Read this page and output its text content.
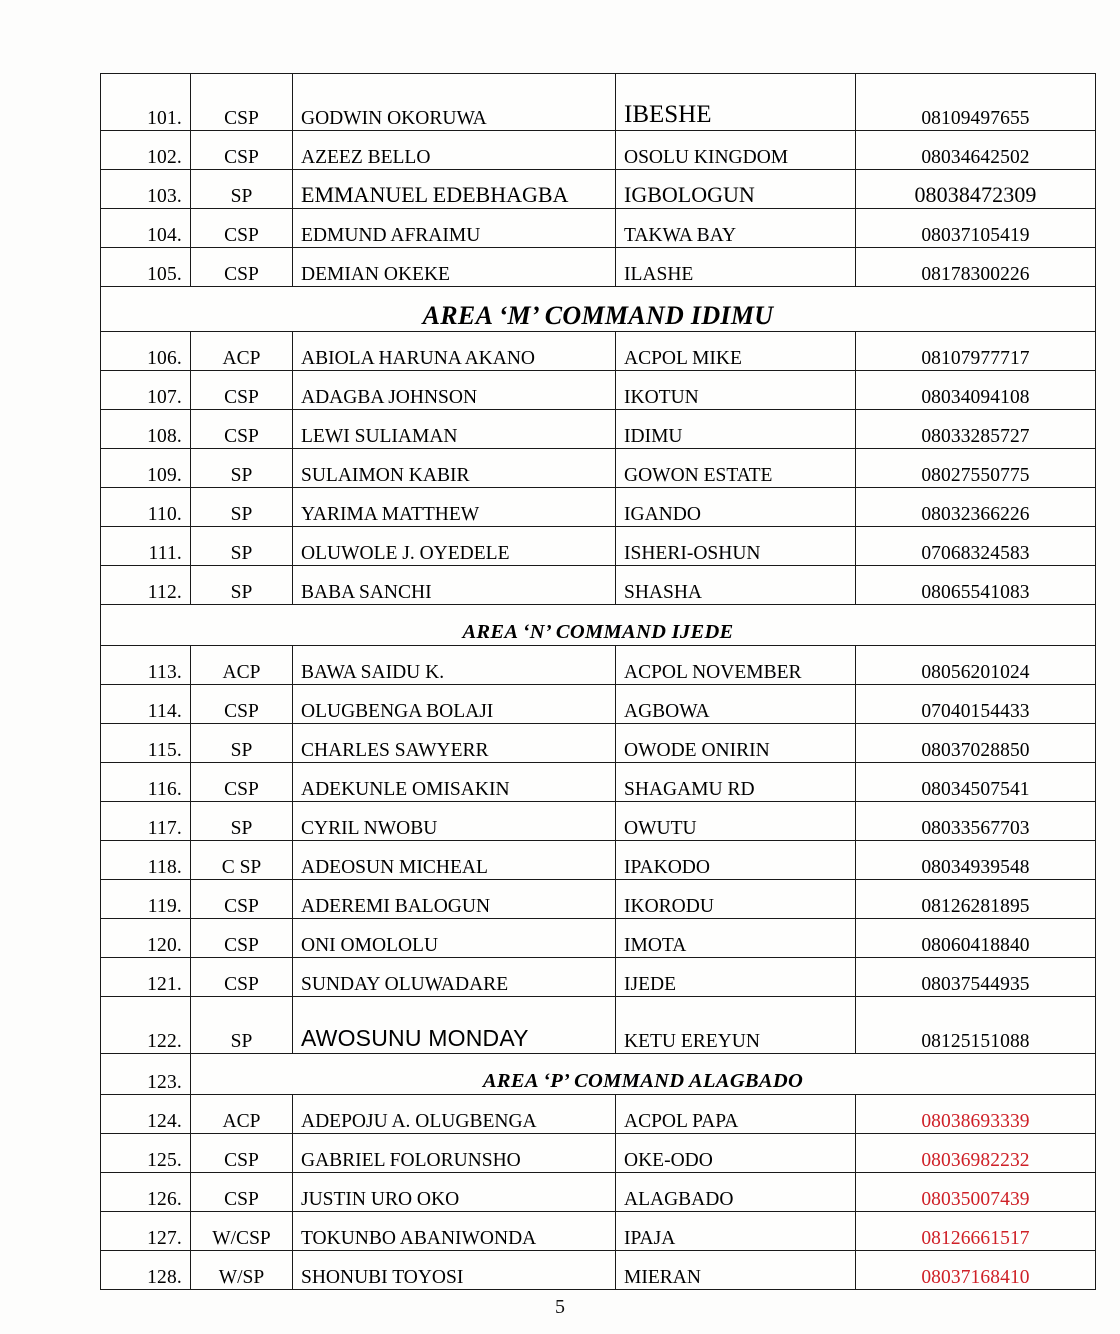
101.	CSP	GODWIN OKORUWA	IBESHE	08109497655
102.	CSP	AZEEZ BELLO	OSOLU KINGDOM	08034642502
103.	SP	EMMANUEL EDEBHAGBA	IGBOLOGUN	08038472309
104.	CSP	EDMUND AFRAIMU	TAKWA BAY	08037105419
105.	CSP	DEMIAN OKEKE	ILASHE	08178300226
AREA ‘M’ COMMAND IDIMU				
106.	ACP	ABIOLA HARUNA AKANO	ACPOL MIKE	08107977717
107.	CSP	ADAGBA JOHNSON	IKOTUN	08034094108
108.	CSP	LEWI SULIAMAN	IDIMU	08033285727
109.	SP	SULAIMON KABIR	GOWON ESTATE	08027550775
110.	SP	YARIMA MATTHEW	IGANDO	08032366226
111.	SP	OLUWOLE J. OYEDELE	ISHERI-OSHUN	07068324583
112.	SP	BABA SANCHI	SHASHA	08065541083
AREA ‘N’ COMMAND IJEDE				
113.	ACP	BAWA SAIDU K.	ACPOL NOVEMBER	08056201024
114.	CSP	OLUGBENGA BOLAJI	AGBOWA	07040154433
115.	SP	CHARLES SAWYERR	OWODE ONIRIN	08037028850
116.	CSP	ADEKUNLE OMISAKIN	SHAGAMU RD	08034507541
117.	SP	CYRIL NWOBU	OWUTU	08033567703
118.	C SP	ADEOSUN MICHEAL	IPAKODO	08034939548
119.	CSP	ADEREMI BALOGUN	IKORODU	08126281895
120.	CSP	ONI OMOLOLU	IMOTA	08060418840
121.	CSP	SUNDAY OLUWADARE	IJEDE	08037544935
122.	SP	AWOSUNU MONDAY	KETU EREYUN	08125151088
123.	AREA ‘P’ COMMAND ALAGBADO			
124.	ACP	ADEPOJU A. OLUGBENGA	ACPOL PAPA	08038693339
125.	CSP	GABRIEL FOLORUNSHO	OKE-ODO	08036982232
126.	CSP	JUSTIN URO OKO	ALAGBADO	08035007439
127.	W/CSP	TOKUNBO ABANIWONDA	IPAJA	08126661517
128.	W/SP	SHONUBI TOYOSI	MIERAN	08037168410
5
